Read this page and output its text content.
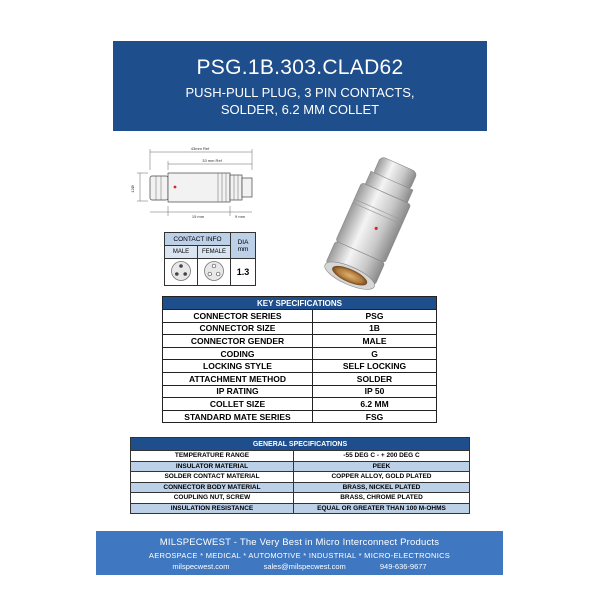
PSG.1B.303.CLAD62
PUSH-PULL PLUG, 3 PIN CONTACTS,
SOLDER, 6.2 MM COLLET
43mm Ref
33 mm Ref
12Ø
15 mm	9 mm
CONTACT INFO		DIA
mm
MALE	FEMALE	
		1.3
KEY SPECIFICATIONS	
CONNECTOR SERIES	PSG
CONNECTOR SIZE	1B
CONNECTOR GENDER	MALE
CODING	G
LOCKING STYLE	SELF LOCKING
ATTACHMENT METHOD	SOLDER
IP RATING	IP 50
COLLET SIZE	6.2 MM
STANDARD MATE SERIES	FSG
GENERAL SPECIFICATIONS	
TEMPERATURE RANGE	-55 DEG C - + 200 DEG C
INSULATOR MATERIAL	PEEK
SOLDER CONTACT MATERIAL	COPPER ALLOY, GOLD PLATED
CONNECTOR BODY MATERIAL	BRASS, NICKEL PLATED
COUPLING NUT, SCREW	BRASS, CHROME PLATED
INSULATION RESISTANCE	EQUAL OR GREATER THAN 100 M-OHMS
MILSPECWEST - The Very Best in Micro Interconnect Products
AEROSPACE * MEDICAL * AUTOMOTIVE * INDUSTRIAL * MICRO-ELECTRONICS
milspecwest.com	sales@milspecwest.com	949-636-9677
